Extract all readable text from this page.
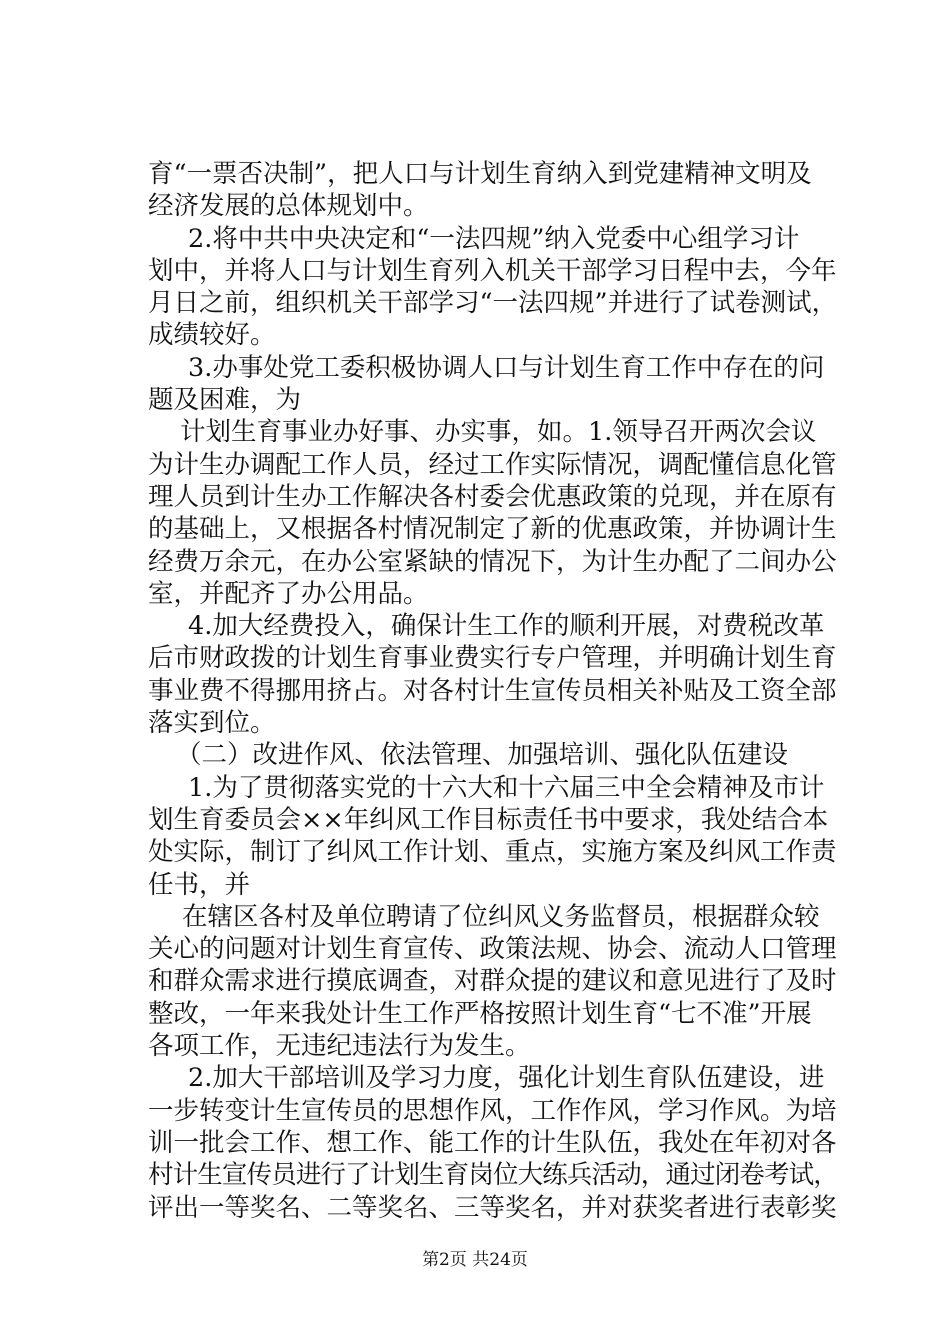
育“一票否决制”，把人口与计划生育纳入到党建精神文明及
经济发展的总体规划中。
2.将中共中央决定和“一法四规”纳入党委中心组学习计
划中，并将人口与计划生育列入机关干部学习日程中去，今年
月日之前，组织机关干部学习“一法四规”并进行了试卷测试，
成绩较好。
3.办事处党工委积极协调人口与计划生育工作中存在的问
题及困难，为
计划生育事业办好事、办实事，如。1.领导召开两次会议
为计生办调配工作人员，经过工作实际情况，调配懂信息化管
理人员到计生办工作解决各村委会优惠政策的兑现，并在原有
的基础上，又根据各村情况制定了新的优惠政策，并协调计生
经费万余元，在办公室紧缺的情况下，为计生办配了二间办公
室，并配齐了办公用品。
4.加大经费投入，确保计生工作的顺利开展，对费税改革
后市财政拨的计划生育事业费实行专户管理，并明确计划生育
事业费不得挪用挤占。对各村计生宣传员相关补贴及工资全部
落实到位。
（二）改进作风、依法管理、加强培训、强化队伍建设
1.为了贯彻落实党的十六大和十六届三中全会精神及市计
划生育委员会××年纠风工作目标责任书中要求，我处结合本
处实际，制订了纠风工作计划、重点，实施方案及纠风工作责
任书，并
在辖区各村及单位聘请了位纠风义务监督员，根据群众较
关心的问题对计划生育宣传、政策法规、协会、流动人口管理
和群众需求进行摸底调查，对群众提的建议和意见进行了及时
整改，一年来我处计生工作严格按照计划生育“七不准”开展
各项工作，无违纪违法行为发生。
2.加大干部培训及学习力度，强化计划生育队伍建设，进
一步转变计生宣传员的思想作风，工作作风，学习作风。为培
训一批会工作、想工作、能工作的计生队伍，我处在年初对各
村计生宣传员进行了计划生育岗位大练兵活动，通过闭卷考试，
评出一等奖名、二等奖名、三等奖名，并对获奖者进行表彰奖
第2页 共24页
